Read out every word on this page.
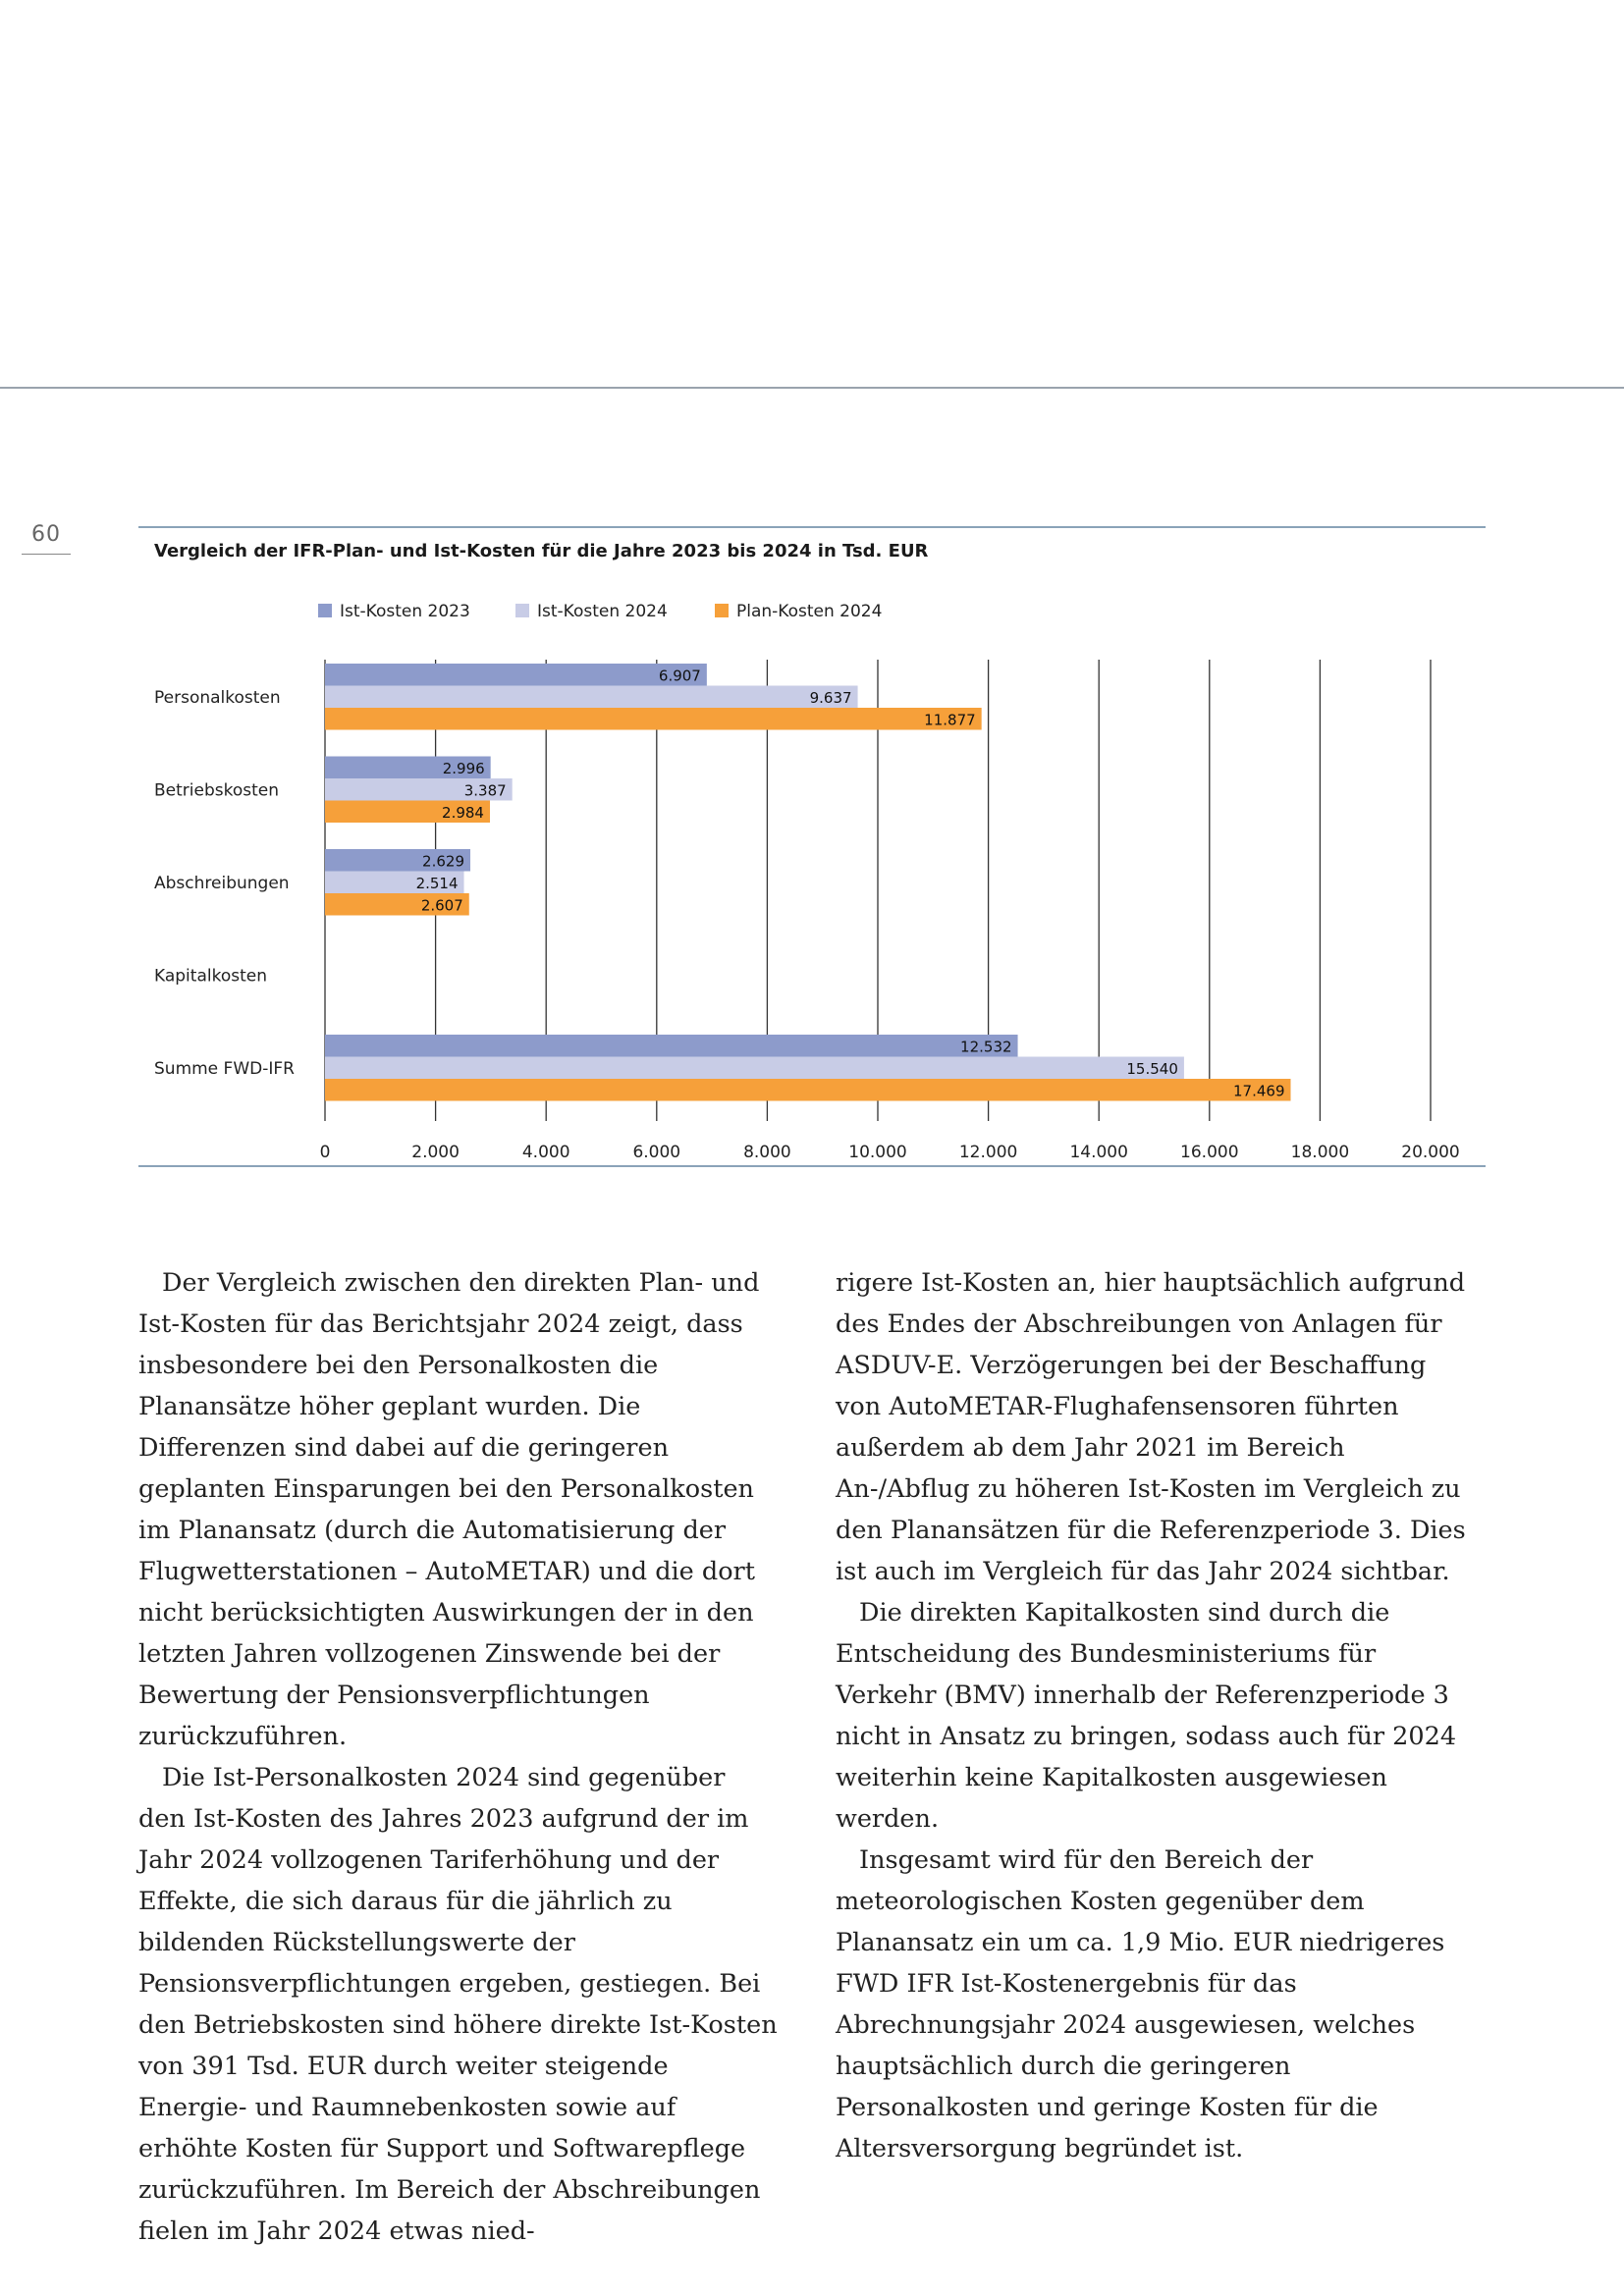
60
Vergleich der IFR-Plan- und Ist-Kosten für die Jahre 2023 bis 2024 in Tsd. EUR
Ist-Kosten 2023	Ist-Kosten 2024	Plan-Kosten 2024
0	2.000	4.000	6.000	8.000	10.000	12.000	14.000	16.000	18.000	20.000
Personalkosten
6.907
9.637
11.877
Betriebskosten
2.996
3.387
2.984
Abschreibungen
2.629
2.514
2.607
Kapitalkosten
Summe FWD-IFR
12.532
15.540
17.469

Der Vergleich zwischen den direkten Plan- und Ist-Kosten für das Berichtsjahr 2024 zeigt, dass insbesondere bei den Personalkosten die Planansätze höher geplant wurden. Die Differenzen sind dabei auf die geringeren geplanten Einsparungen bei den Personalkosten im Planansatz (durch die Automatisierung der Flugwetterstationen – AutoMETAR) und die dort nicht berücksichtigten Auswirkungen der in den letzten Jahren vollzogenen Zinswende bei der Bewertung der Pensionsverpflichtungen zurückzuführen.

Die Ist-Personalkosten 2024 sind gegenüber den Ist-Kosten des Jahres 2023 aufgrund der im Jahr 2024 vollzogenen Tariferhöhung und der Effekte, die sich daraus für die jährlich zu bildenden Rückstellungswerte der Pensionsverpflichtungen ergeben, gestiegen. Bei den Betriebskosten sind höhere direkte Ist-Kosten von 391 Tsd. EUR durch weiter steigende Energie- und Raumnebenkosten sowie auf erhöhte Kosten für Support und Softwarepflege zurückzuführen. Im Bereich der Abschreibungen fielen im Jahr 2024 etwas nied-

rigere Ist-Kosten an, hier hauptsächlich aufgrund des Endes der Abschreibungen von Anlagen für ASDUV-E. Verzögerungen bei der Beschaffung von AutoMETAR-Flughafensensoren führten außerdem ab dem Jahr 2021 im Bereich An-/Abflug zu höheren Ist-Kosten im Vergleich zu den Planansätzen für die Referenzperiode 3. Dies ist auch im Vergleich für das Jahr 2024 sichtbar.

Die direkten Kapitalkosten sind durch die Entscheidung des Bundesministeriums für Verkehr (BMV) innerhalb der Referenzperiode 3 nicht in Ansatz zu bringen, sodass auch für 2024 weiterhin keine Kapitalkosten ausgewiesen werden.

Insgesamt wird für den Bereich der meteorologischen Kosten gegenüber dem Planansatz ein um ca. 1,9 Mio. EUR niedrigeres FWD IFR Ist-Kostenergebnis für das Abrechnungsjahr 2024 ausgewiesen, welches hauptsächlich durch die geringeren Personalkosten und geringe Kosten für die Altersversorgung begründet ist.
